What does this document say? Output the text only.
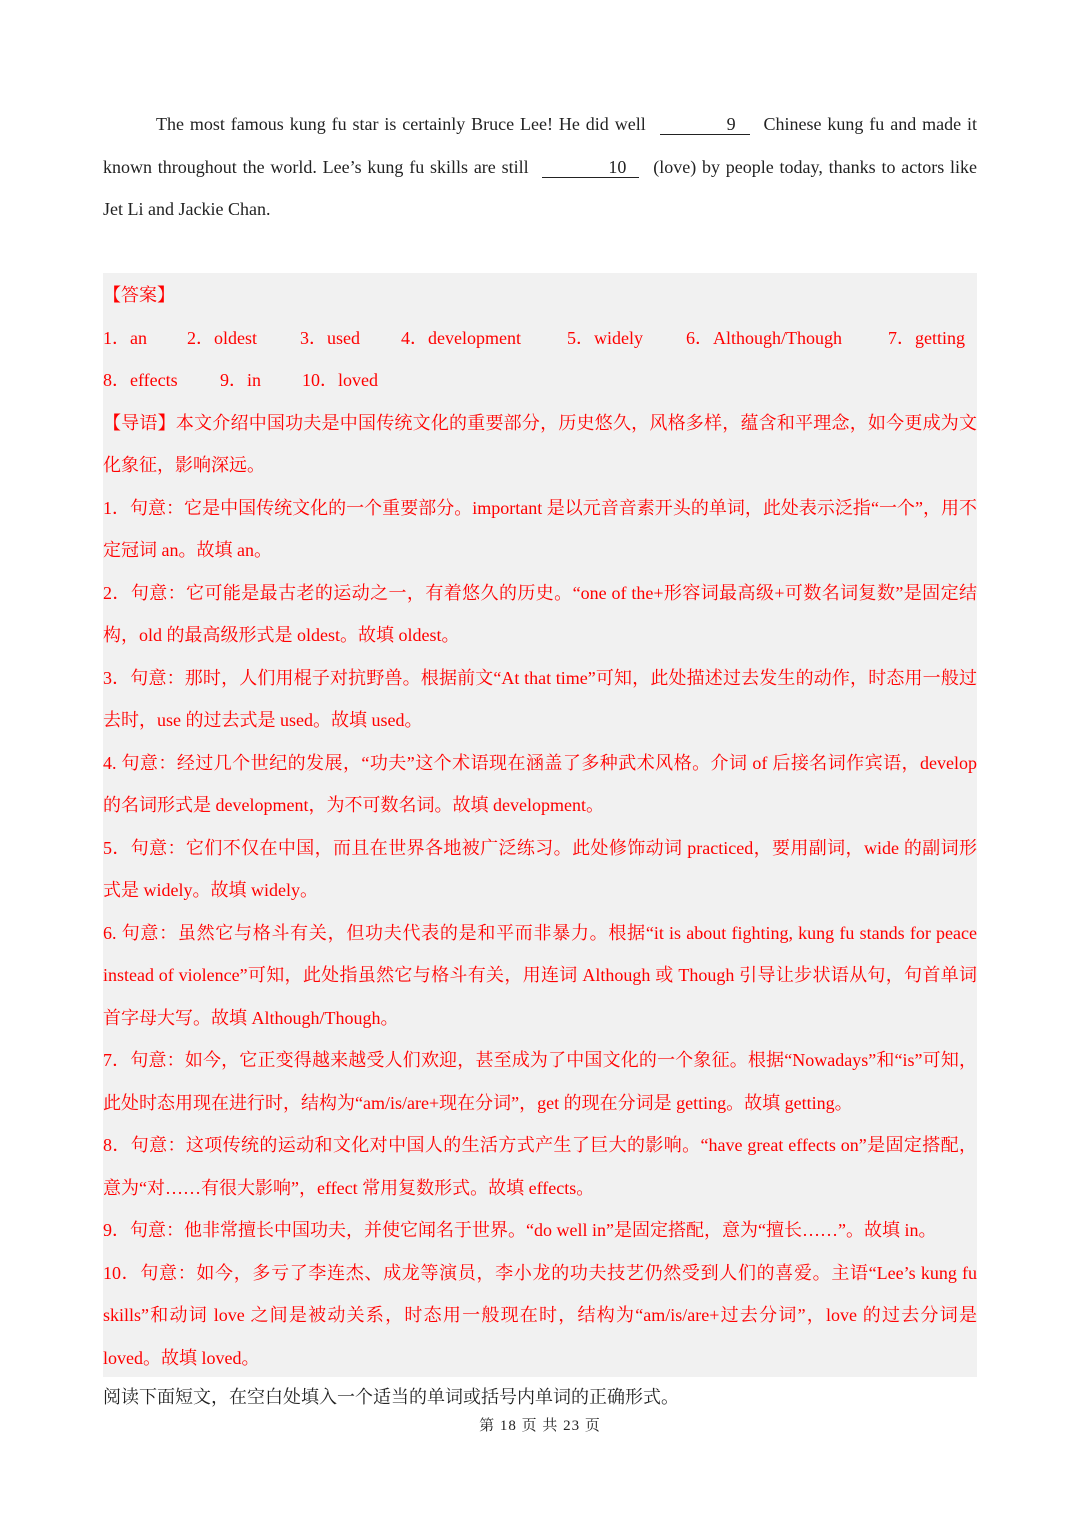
The most famous kung fu star is certainly Bruce Lee! He did well	9 Chinese kung fu and made it known throughout the world. Lee’s kung fu skills are still	10 (love) by people today, thanks to actors like Jet Li and Jackie Chan.

【答案】
1．an	2．oldest	3．used	4．development	5．widely	6．Although/Though	7．getting
8．effects	9．in	10．loved

【导语】本文介绍中国功夫是中国传统文化的重要部分，历史悠久，风格多样，蕴含和平理念，如今更成为文化象征，影响深远。

1．句意：它是中国传统文化的一个重要部分。important 是以元音音素开头的单词，此处表示泛指“一个”，用不定冠词 an。故填 an。

2．句意：它可能是最古老的运动之一，有着悠久的历史。“one of the+形容词最高级+可数名词复数”是固定结构，old 的最高级形式是 oldest。故填 oldest。

3．句意：那时，人们用棍子对抗野兽。根据前文“At that time”可知，此处描述过去发生的动作，时态用一般过去时，use 的过去式是 used。故填 used。

4. 句意：经过几个世纪的发展，“功夫”这个术语现在涵盖了多种武术风格。介词 of 后接名词作宾语，develop 的名词形式是 development，为不可数名词。故填 development。

5．句意：它们不仅在中国，而且在世界各地被广泛练习。此处修饰动词 practiced，要用副词，wide 的副词形式是 widely。故填 widely。

6. 句意：虽然它与格斗有关，但功夫代表的是和平而非暴力。根据“it is about fighting, kung fu stands for peace instead of violence”可知，此处指虽然它与格斗有关，用连词 Although 或 Though 引导让步状语从句，句首单词首字母大写。故填 Although/Though。

7．句意：如今，它正变得越来越受人们欢迎，甚至成为了中国文化的一个象征。根据“Nowadays”和“is”可知，此处时态用现在进行时，结构为“am/is/are+现在分词”，get 的现在分词是 getting。故填 getting。

8．句意：这项传统的运动和文化对中国人的生活方式产生了巨大的影响。“have great effects on”是固定搭配，意为“对……有很大影响”，effect 常用复数形式。故填 effects。

9．句意：他非常擅长中国功夫，并使它闻名于世界。“do well in”是固定搭配，意为“擅长……”。故填 in。

10．句意：如今，多亏了李连杰、成龙等演员，李小龙的功夫技艺仍然受到人们的喜爱。主语“Lee’s kung fu skills”和动词 love 之间是被动关系，时态用一般现在时，结构为“am/is/are+过去分词”，love 的过去分词是 loved。故填 loved。

阅读下面短文，在空白处填入一个适当的单词或括号内单词的正确形式。
第 18 页 共 23 页
